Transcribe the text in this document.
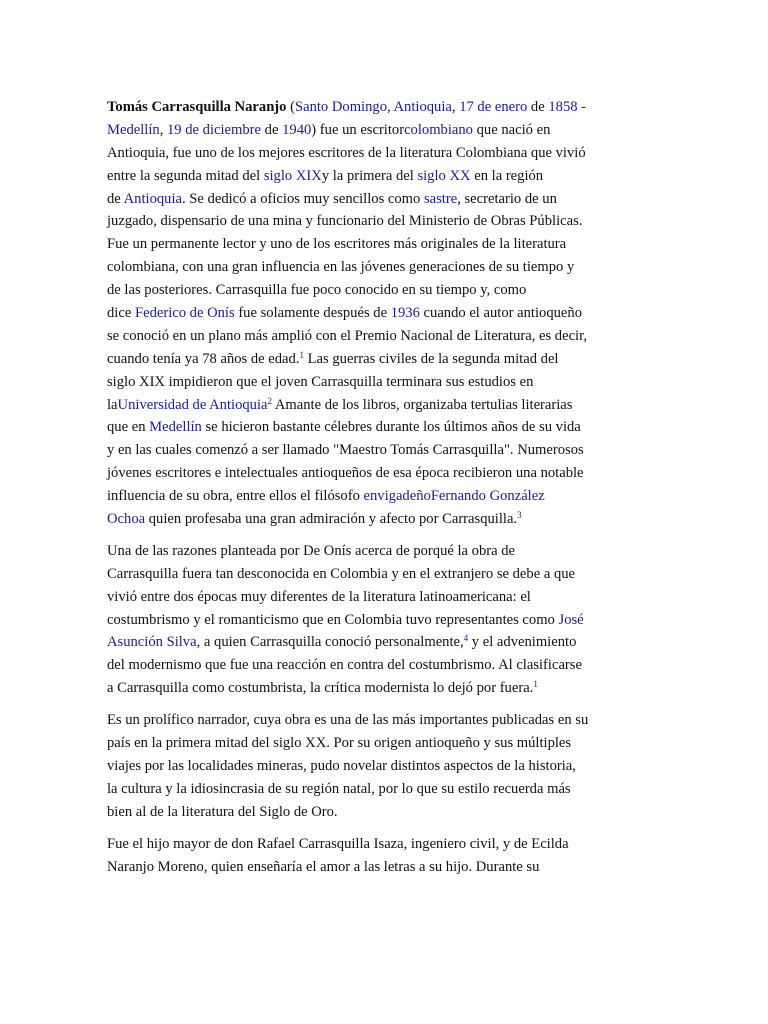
Tomás Carrasquilla Naranjo (Santo Domingo, Antioquia, 17 de enero de 1858 -
Medellín, 19 de diciembre de 1940) fue un escritorcolombiano que nació en
Antioquia, fue uno de los mejores escritores de la literatura Colombiana que vivió
entre la segunda mitad del siglo XIXy la primera del siglo XX en la región
de Antioquia. Se dedicó a oficios muy sencillos como sastre, secretario de un
juzgado, dispensario de una mina y funcionario del Ministerio de Obras Públicas.
Fue un permanente lector y uno de los escritores más originales de la literatura
colombiana, con una gran influencia en las jóvenes generaciones de su tiempo y
de las posteriores. Carrasquilla fue poco conocido en su tiempo y, como
dice Federico de Onís fue solamente después de 1936 cuando el autor antioqueño
se conoció en un plano más amplió con el Premio Nacional de Literatura, es decir,
cuando tenía ya 78 años de edad.$^1$ Las guerras civiles de la segunda mitad del
siglo XIX impidieron que el joven Carrasquilla terminara sus estudios en
laUniversidad de Antioquia$^2$ Amante de los libros, organizaba tertulias literarias
que en Medellín se hicieron bastante célebres durante los últimos años de su vida
y en las cuales comenzó a ser llamado "Maestro Tomás Carrasquilla". Numerosos
jóvenes escritores e intelectuales antioqueños de esa época recibieron una notable
influencia de su obra, entre ellos el filósofo envigadeñoFernando González
Ochoa quien profesaba una gran admiración y afecto por Carrasquilla.$^3$
Una de las razones planteada por De Onís acerca de porqué la obra de
Carrasquilla fuera tan desconocida en Colombia y en el extranjero se debe a que
vivió entre dos épocas muy diferentes de la literatura latinoamericana: el
costumbrismo y el romanticismo que en Colombia tuvo representantes como José
Asunción Silva, a quien Carrasquilla conoció personalmente,$^4$ y el advenimiento
del modernismo que fue una reacción en contra del costumbrismo. Al clasificarse
a Carrasquilla como costumbrista, la crítica modernista lo dejó por fuera.$^1$
Es un prolífico narrador, cuya obra es una de las más importantes publicadas en su
país en la primera mitad del siglo XX. Por su origen antioqueño y sus múltiples
viajes por las localidades mineras, pudo novelar distintos aspectos de la historia,
la cultura y la idiosincrasia de su región natal, por lo que su estilo recuerda más
bien al de la literatura del Siglo de Oro.
Fue el hijo mayor de don Rafael Carrasquilla Isaza, ingeniero civil, y de Ecilda
Naranjo Moreno, quien enseñaría el amor a las letras a su hijo. Durante su
